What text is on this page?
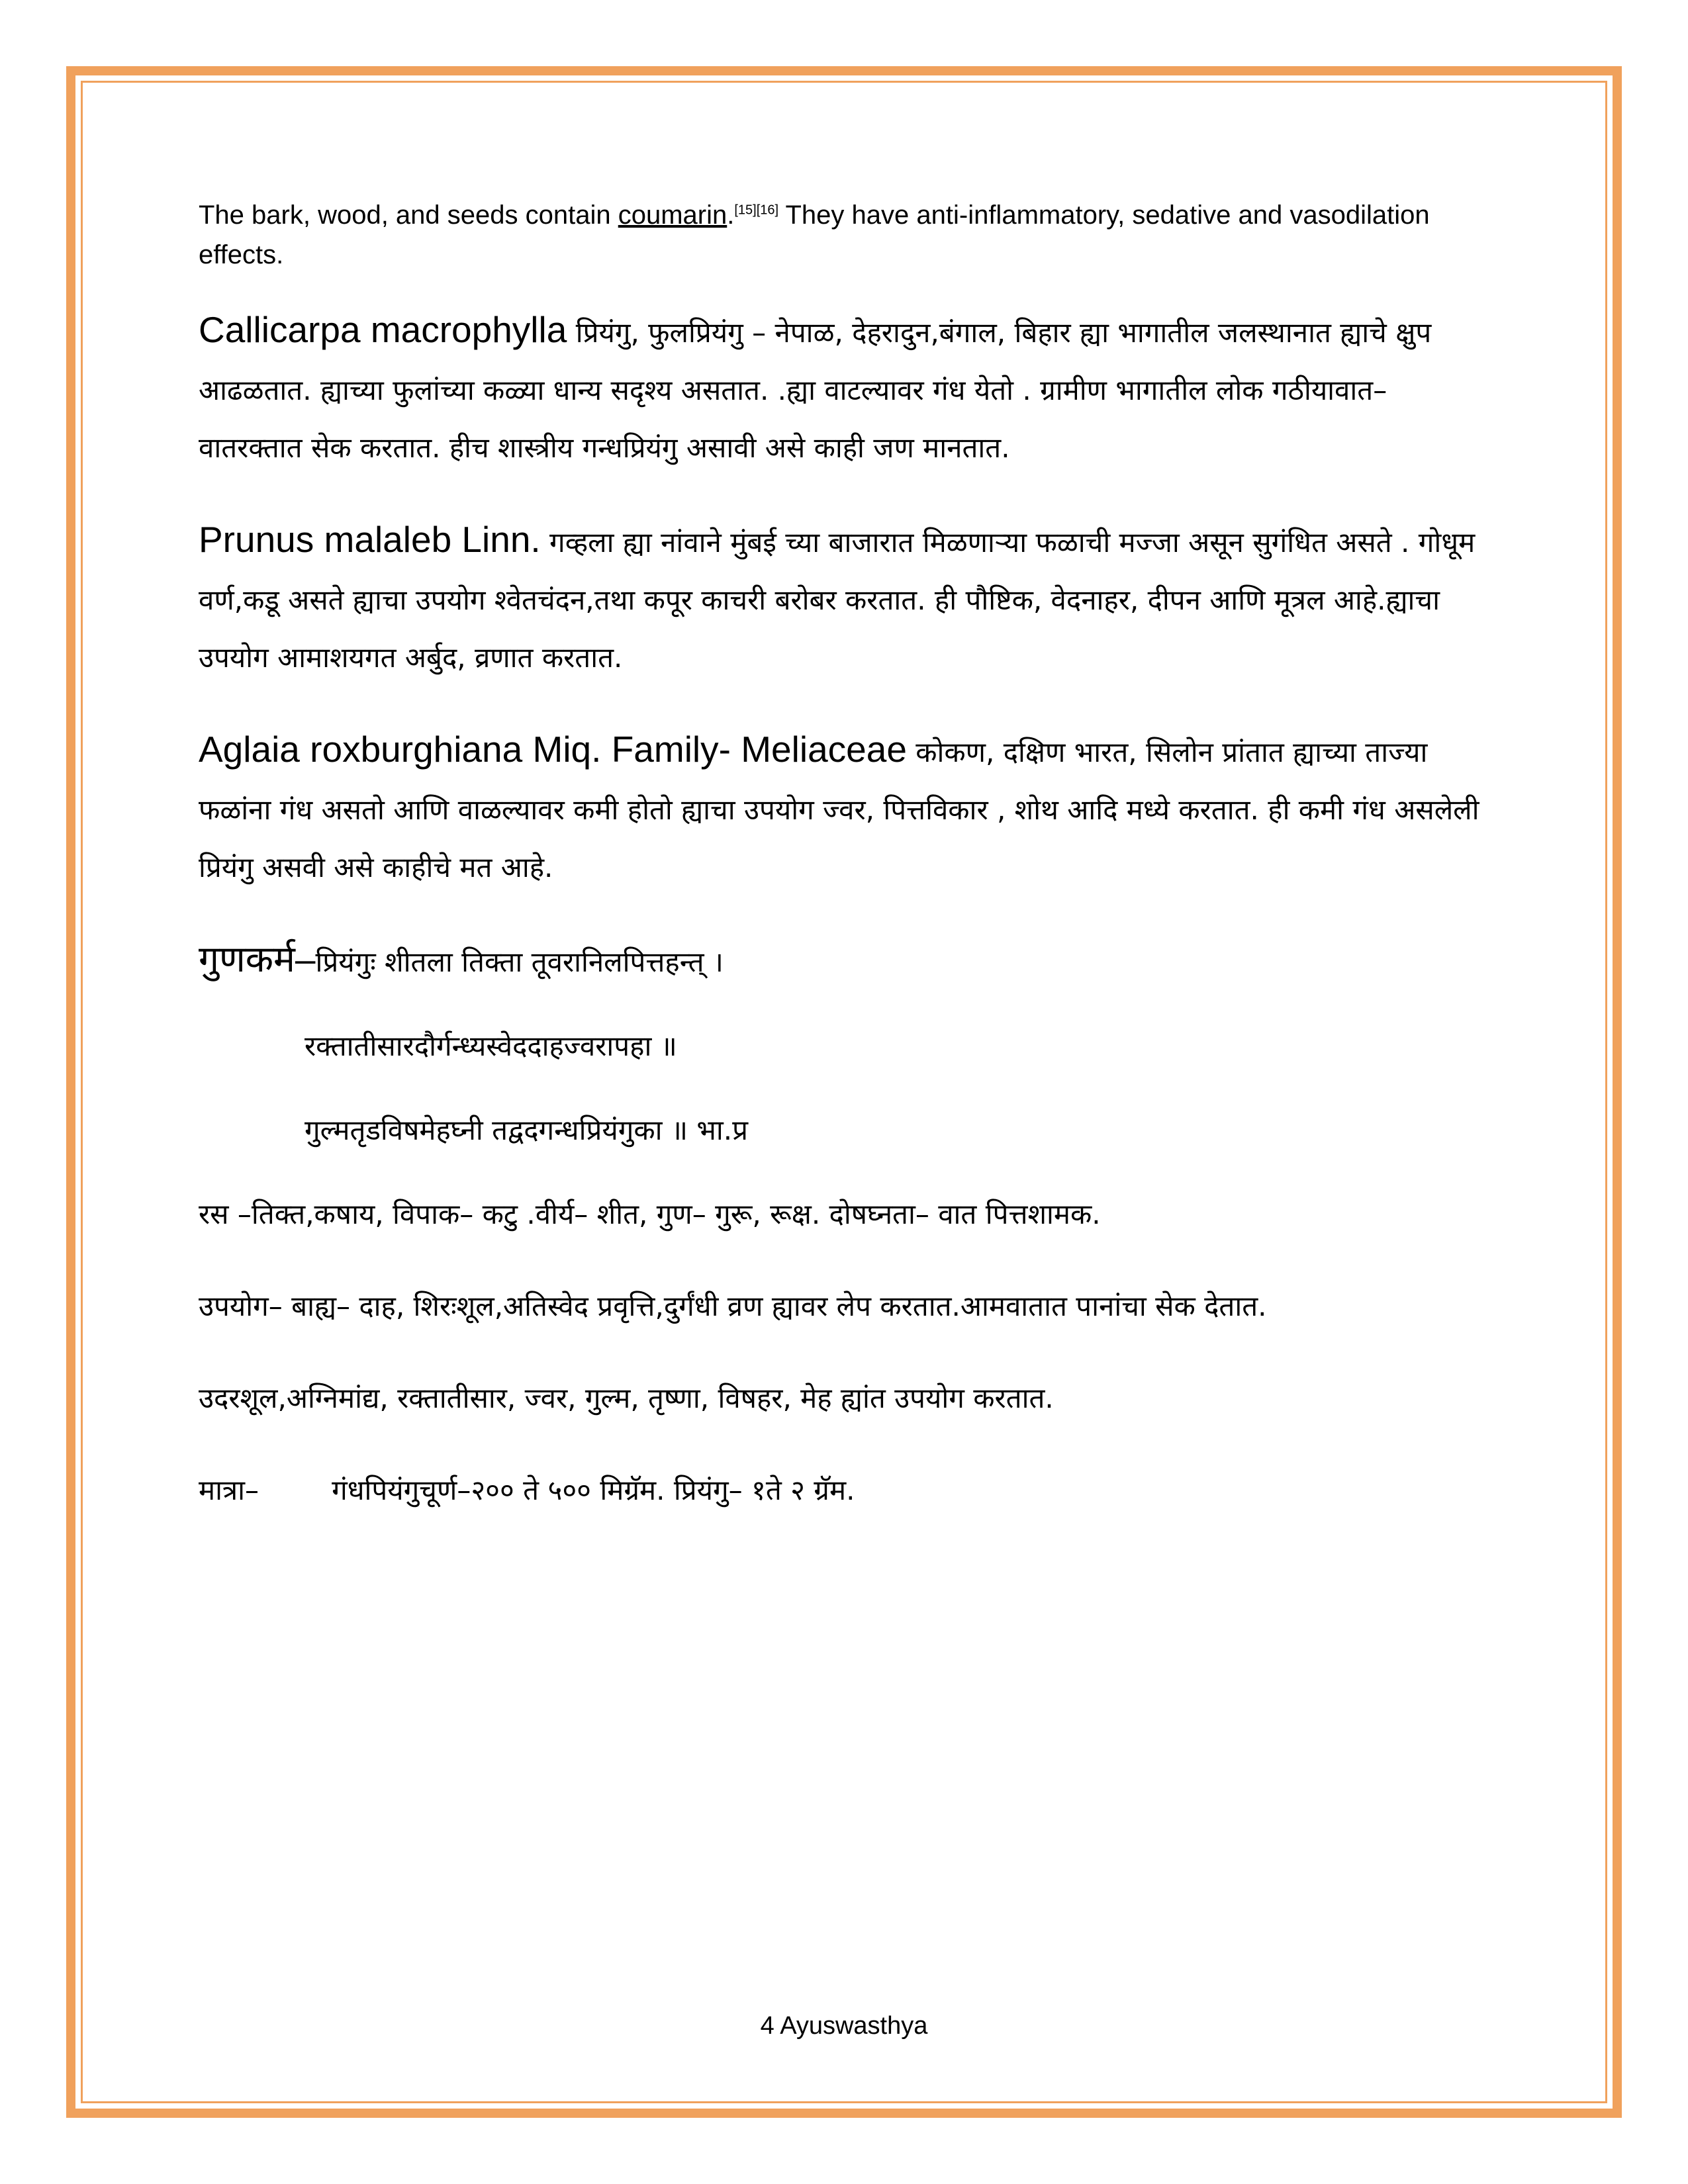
The bark, wood, and seeds contain coumarin.[15][16] They have anti-inflammatory, sedative and vasodilation effects.

Callicarpa macrophylla प्रियंगु, फुलप्रियंगु – नेपाळ, देहरादुन,बंगाल, बिहार ह्या भागातील जलस्थानात ह्याचे क्षुप आढळतात. ह्याच्या फुलांच्या कळ्या धान्य सदृश्य असतात. .ह्या वाटल्यावर गंध येतो . ग्रामीण भागातील लोक गठीयावात– वातरक्तात सेक करतात. हीच शास्त्रीय गन्धप्रियंगु असावी असे काही जण मानतात.

Prunus malaleb Linn. गव्हला ह्या नांवाने मुंबई च्या बाजारात मिळणाऱ्या फळाची मज्जा असून सुगंधित असते . गोधूम वर्ण,कडू असते ह्याचा उपयोग श्वेतचंदन,तथा कपूर काचरी बरोबर करतात. ही पौष्टिक, वेदनाहर, दीपन आणि मूत्रल आहे.ह्याचा उपयोग आमाशयगत अर्बुद, व्रणात करतात.

Aglaia roxburghiana Miq. Family- Meliaceae कोकण, दक्षिण भारत, सिलोन प्रांतात ह्याच्या ताज्या फळांना गंध असतो आणि वाळल्यावर कमी होतो ह्याचा उपयोग ज्वर, पित्तविकार , शोथ आदि मध्ये करतात. ही कमी गंध असलेली प्रियंगु असवी असे काहीचे मत आहे.

गुणकर्म–प्रियंगुः शीतला तिक्ता तूवरानिलपित्तहन्त् ।

रक्तातीसारदौर्गन्ध्यस्वेददाहज्वरापहा ॥

गुल्मतृडविषमेहघ्नी तद्वदगन्धप्रियंगुका ॥ भा.प्र

रस –तिक्त,कषाय, विपाक– कटु .वीर्य– शीत, गुण– गुरू, रूक्ष. दोषघ्नता– वात पित्तशामक.

उपयोग– बाह्य– दाह, शिरःशूल,अतिस्वेद प्रवृत्ति,दुर्गंधी व्रण ह्यावर लेप करतात.आमवातात पानांचा सेक देतात.

उदरशूल,अग्निमांद्य, रक्तातीसार, ज्वर, गुल्म, तृष्णा, विषहर, मेह ह्यांत उपयोग करतात.

मात्रा–	गंधपियंगुचूर्ण–२०० ते ५०० मिग्रॅम. प्रियंगु– १ते २ ग्रॅम.

4 Ayuswasthya
